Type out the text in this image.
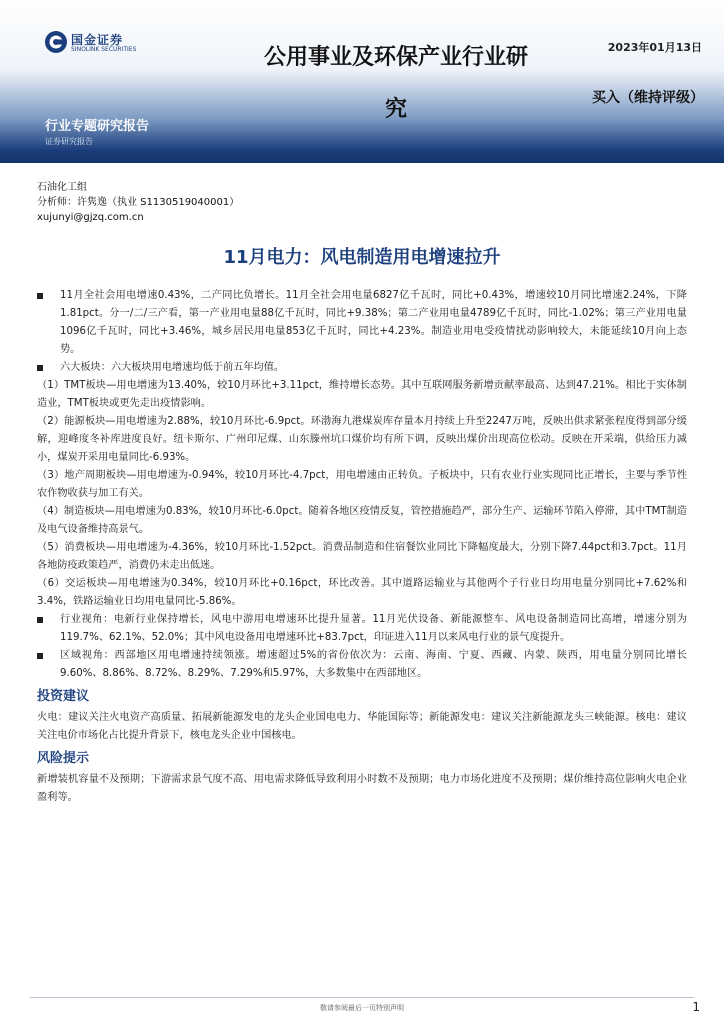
国金证券
SINOLINK SECURITIES	2023年01月13日
公用事业及环保产业行业研
究	买入（维持评级）
行业专题研究报告
证券研究报告
石油化工组
分析师：许隽逸（执业 S1130519040001）
xujunyi@gjzq.com.cn
11月电力：风电制造用电增速拉升

11月全社会用电增速0.43%，二产同比负增长。11月全社会用电量6827亿千瓦时，同比+0.43%，增速较10月同比增速2.24%，下降1.81pct。分一/二/三产看，第一产业用电量88亿千瓦时，同比+9.38%；第二产业用电量4789亿千瓦时，同比-1.02%；第三产业用电量1096亿千瓦时，同比+3.46%，城乡居民用电量853亿千瓦时，同比+4.23%。制造业用电受疫情扰动影响较大，未能延续10月向上态势。

六大板块：六大板块用电增速均低于前五年均值。

（1）TMT板块—用电增速为13.40%，较10月环比+3.11pct，维持增长态势。其中互联网服务新增贡献率最高、达到47.21%。相比于实体制造业，TMT板块或更先走出疫情影响。

（2）能源板块—用电增速为2.88%，较10月环比-6.9pct。环渤海九港煤炭库存量本月持续上升至2247万吨，反映出供求紧张程度得到部分缓解，迎峰度冬补库进度良好。纽卡斯尔、广州印尼煤、山东滕州坑口煤价均有所下调，反映出煤价出现高位松动。反映在开采端，供给压力减小，煤炭开采用电量同比-6.93%。

（3）地产周期板块—用电增速为-0.94%，较10月环比-4.7pct，用电增速由正转负。子板块中，只有农业行业实现同比正增长，主要与季节性农作物收获与加工有关。

（4）制造板块—用电增速为0.83%，较10月环比-6.0pct。随着各地区疫情反复，管控措施趋严，部分生产、运输环节陷入停滞，其中TMT制造及电气设备维持高景气。

（5）消费板块—用电增速为-4.36%，较10月环比-1.52pct。消费品制造和住宿餐饮业同比下降幅度最大，分别下降7.44pct和3.7pct。11月各地防疫政策趋严，消费仍未走出低迷。

（6）交运板块—用电增速为0.34%，较10月环比+0.16pct，环比改善。其中道路运输业与其他两个子行业日均用电量分别同比+7.62%和3.4%，铁路运输业日均用电量同比-5.86%。

行业视角：电新行业保持增长，风电中游用电增速环比提升显著。11月光伏设备、新能源整车、风电设备制造同比高增，增速分别为119.7%、62.1%、52.0%；其中风电设备用电增速环比+83.7pct，印证进入11月以来风电行业的景气度提升。

区域视角：西部地区用电增速持续领涨。增速超过5%的省份依次为：云南、海南、宁夏、西藏、内蒙、陕西，用电量分别同比增长9.60%、8.86%、8.72%、8.29%、7.29%和5.97%，大多数集中在西部地区。

投资建议

火电：建议关注火电资产高质量、拓展新能源发电的龙头企业国电电力、华能国际等；新能源发电：建议关注新能源龙头三峡能源。核电：建议关注电价市场化占比提升背景下，核电龙头企业中国核电。

风险提示

新增装机容量不及预期；下游需求景气度不高、用电需求降低导致利用小时数不及预期；电力市场化进度不及预期；煤价维持高位影响火电企业盈利等。

敬请参阅最后一页特别声明	1
